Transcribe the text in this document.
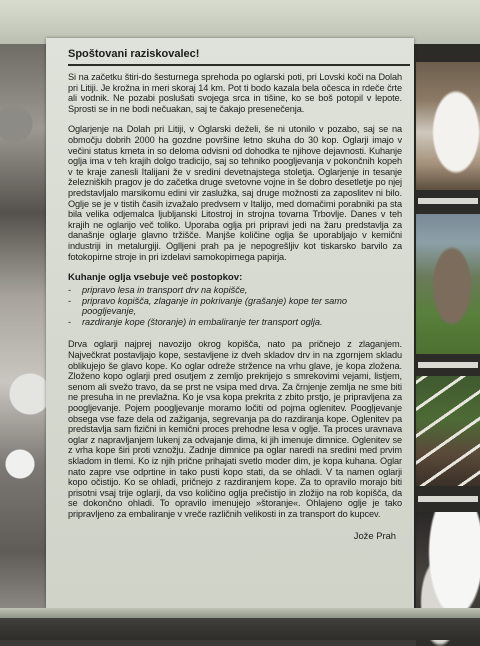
Spoštovani raziskovalec!

Si na začetku štiri-do šesturnega sprehoda po oglarski poti, pri Lovski koči na Dolah pri Litiji. Je krožna in meri skoraj 14 km. Pot ti bodo kazala bela očesca in rdeče črte ali vodnik. Ne pozabi poslušati svojega srca in tišine, ko se boš potopil v lepote. Sprosti se in ne bodi nečuakan, saj te čakajo presenečenja.

Oglarjenje na Dolah pri Litiji, v Oglarski deželi, še ni utonilo v pozabo, saj se na območju dobrih 2000 ha gozdne površine letno skuha do 30 kop. Oglarji imajo v večini status kmeta in so deloma odvisni od dohodka te njihove dejavnosti. Kuhanje oglja ima v teh krajih dolgo tradicijo, saj so tehniko poogljevanja v pokončnih kopeh v te kraje zanesli Italijani že v sredini devetnajstega stoletja. Oglarjenje in tesanje železniških pragov je do začetka druge svetovne vojne in še dobro desetletje po njej predstavljalo marsikomu edini vir zaslužka, saj druge možnosti za zaposlitev ni bilo. Oglje se je v tistih časih izvažalo predvsem v Italijo, med domačimi porabniki pa sta bila velika odjemalca ljubljanski Litostroj in strojna tovarna Trbovlje. Danes v teh krajih ne oglarijo več toliko. Uporaba oglja pri pripravi jedi na žaru predstavlja za današnje oglarje glavno tržišče. Manjše količine oglja še uporabljajo v kemični industriji in metalurgiji. Oglljeni prah pa je nepogrešljiv kot tiskarsko barvilo za fotokopirne stroje in pri izdelavi samokopirnega papirja.

Kuhanje oglja vsebuje več postopkov:
- pripravo lesa in transport drv na kopišče,
- pripravo kopišča, zlaganje in pokrivanje (grašanje) kope ter samo poogljevanje,
- razdiranje kope (štoranje) in embaliranje ter transport oglja.

Drva oglarji najprej navozijo okrog kopišča, nato pa pričnejo z zlaganjem. Največkrat postavljajo kope, sestavljene iz dveh skladov drv in na zgornjem skladu oblikujejo še glavo kope. Ko oglar odreže stržence na vrhu glave, je kopa zložena. Zloženo kopo oglarji pred osutjem z zemljo prekrijejo s smrekovimi vejami, listjem, senom ali svežo travo, da se prst ne vsipa med drva. Za črnjenje zemlja ne sme biti ne presuha in ne prevlažna. Ko je vsa kopa prekrita z zbito prstjo, je pripravljena za poogljevanje. Pojem poogljevanje moramo ločiti od pojma oglenitev. Poogljevanje obsega vse faze dela od zažiganja, segrevanja pa do razdiranja kope. Oglenitev pa predstavlja sam fizični in kemični proces prehodne lesa v oglje. Ta proces uravnava oglar z napravljanjem lukenj za odvajanje dima, ki jih imenuje dimnice. Oglenitev se z vrha kope širi proti vznožju. Zadnje dimnice pa oglar naredi na sredini med prvim skladom in tlemi. Ko iz njih prične prihajati svetlo moder dim, je kopa kuhana. Oglar nato zapre vse odprtine in tako pusti kopo stati, da se ohladi. V ta namen oglarji kopo očistijo. Ko se ohladi, pričnejo z razdiranjem kope. Za to opravilo morajo biti prisotni vsaj trije oglarji, da vso količino oglja prečistijo in zložijo na rob kopišča, da se dokončno ohladi. To opravilo imenujejo »štoranje«. Ohlajeno oglje je tako pripravljeno za embaliranje v vreče različnih velikosti in za transport do kupcev.

Jože Prah
